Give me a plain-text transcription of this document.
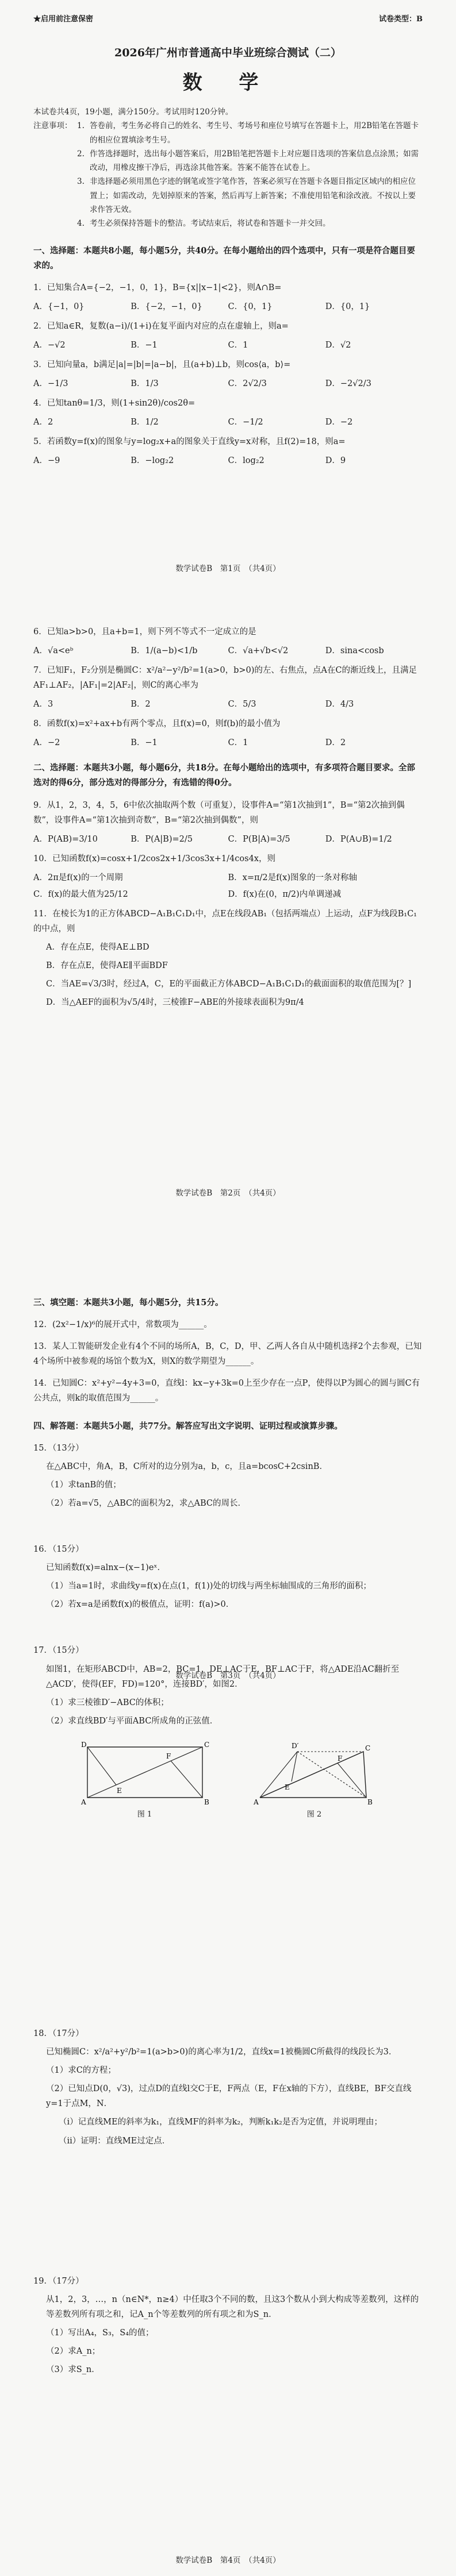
★启用前注意保密	试卷类型：B
2026年广州市普通高中毕业班综合测试（二）
数 学
本试卷共4页，19小题，满分150分。考试用时120分钟。
注意事项： 1. 答卷前，考生务必将自己的姓名、考生号、考场号和座位号填写在答题卡上，用2B铅笔在答题卡的相应位置填涂考生号。
2. 作答选择题时，选出每小题答案后，用2B铅笔把答题卡上对应题目选项的答案信息点涂黑；如需改动，用橡皮擦干净后，再选涂其他答案。答案不能答在试卷上。
3. 非选择题必须用黑色字迹的钢笔或签字笔作答，答案必须写在答题卡各题目指定区域内的相应位置上；如需改动，先划掉原来的答案，然后再写上新答案；不准使用铅笔和涂改液。不按以上要求作答无效。
4. 考生必须保持答题卡的整洁。考试结束后，将试卷和答题卡一并交回。
一、选择题：本题共8小题，每小题5分，共40分。在每小题给出的四个选项中，只有一项是符合题目要求的。
1．已知集合A={−2，−1，0，1}，B={x||x−1|<2}，则A∩B=
A．{−1，0}	B．{−2，−1，0}	C．{0，1}	D．{0，1}
2．已知a∈R，复数(a−i)/(1+i)在复平面内对应的点在虚轴上，则a=
A．−√2	B．−1	C．1	D．√2
3．已知向量a，b满足|a|=|b|=|a−b|，且(a+b)⊥b，则cos⟨a，b⟩=
A．−1/3	B．1/3	C．2√2/3	D．−2√2/3
4．已知tanθ=1/3，则(1+sin2θ)/cos2θ=
A．2	B．1/2	C．−1/2	D．−2
5．若函数y=f(x)的图象与y=log₂x+a的图象关于直线y=x对称，且f(2)=18，则a=
A．−9	B．−log₂2	C．log₂2	D．9
数学试卷B　第1页　（共4页）
6．已知a>b>0，且a+b=1，则下列不等式不一定成立的是
A．√a<eᵇ	B．1/(a−b)<1/b	C．√a+√b<√2	D．sina<cosb
7．已知F₁，F₂分别是椭圆C：x²/a²−y²/b²=1(a>0，b>0)的左、右焦点，点A在C的渐近线上，且满足AF₁⊥AF₂，|AF₁|=2|AF₂|，则C的离心率为
A．3	B．2	C．5/3	D．4/3
8．函数f(x)=x²+ax+b有两个零点，且f(x)=0，则f(b)的最小值为
A．−2	B．−1	C．1	D．2
二、选择题：本题共3小题，每小题6分，共18分。在每小题给出的选项中，有多项符合题目要求。全部选对的得6分，部分选对的得部分分，有选错的得0分。
9．从1，2，3，4，5，6中依次抽取两个数（可重复），设事件A=“第1次抽到1”，B=“第2次抽到偶数”，设事件A=“第1次抽到奇数”，B=“第2次抽到偶数”，则
A．P(AB)=3/10	B．P(A|B)=2/5	C．P(B|A)=3/5	D．P(A∪B)=1/2
10．已知函数f(x)=cosx+1/2cos2x+1/3cos3x+1/4cos4x，则
A．2π是f(x)的一个周期	B．x=π/2是f(x)图象的一条对称轴
C．f(x)的最大值为25/12	D．f(x)在(0，π/2)内单调递减
11．在棱长为1的正方体ABCD−A₁B₁C₁D₁中，点E在线段AB₁（包括两端点）上运动，点F为线段B₁C₁的中点，则
A．存在点E，使得AE⊥BD
B．存在点E，使得AE∥平面BDF
C．当AE=√3/3时，经过A，C，E的平面截正方体ABCD−A₁B₁C₁D₁的截面面积的取值范围为[？]
D．当△AEF的面积为√5/4时，三棱锥F−ABE的外接球表面积为9π/4
数学试卷B　第2页　（共4页）
三、填空题：本题共3小题，每小题5分，共15分。
12．(2x²−1/x)⁶的展开式中，常数项为______。
13．某人工智能研发企业有4个不同的场所A，B，C，D，甲、乙两人各自从中随机选择2个去参观，已知4个场所中被参观的场馆个数为X，则X的数学期望为______。
14．已知圆C：x²+y²−4y+3=0，直线l：kx−y+3k=0上至少存在一点P，使得以P为圆心的圆与圆C有公共点，则k的取值范围为______。
四、解答题：本题共5小题，共77分。解答应写出文字说明、证明过程或演算步骤。
15．（13分）
在△ABC中，角A，B，C所对的边分别为a，b，c，且a=bcosC+2csinB．
（1）求tanB的值；
（2）若a=√5，△ABC的面积为2，求△ABC的周长．
16．（15分）
已知函数f(x)=alnx−(x−1)eˣ．
（1）当a=1时，求曲线y=f(x)在点(1，f(1))处的切线与两坐标轴围成的三角形的面积；
（2）若x=a是函数f(x)的极值点，证明：f(a)>0．
17．（15分）
如图1，在矩形ABCD中，AB=2，BC=1，DE⊥AC于E，BF⊥AC于F，将△ADE沿AC翻折至△ACD′，使得(EF，FD)=120°，连接BD′，如图2．
（1）求三棱锥D′−ABC的体积；
（2）求直线BD′与平面ABC所成角的正弦值．
A	B
C
D
E
F
图 1
A	B
C
D′
E
F
图 2
数学试卷B　第3页　（共4页）
18．（17分）
已知椭圆C：x²/a²+y²/b²=1(a>b>0)的离心率为1/2，直线x=1被椭圆C所截得的线段长为3．
（1）求C的方程；
（2）已知点D(0，√3)，过点D的直线l交C于E，F两点（E，F在x轴的下方），直线BE，BF交直线y=1于点M，N．
（i）记直线ME的斜率为k₁，直线MF的斜率为k₂，判断k₁k₂是否为定值，并说明理由；
（ii）证明：直线ME过定点．
19．（17分）
从1，2，3，…，n（n∈N*，n≥4）中任取3个不同的数，且这3个数从小到大构成等差数列，这样的等差数列所有项之和，记A_n个等差数列的所有项之和为S_n．
（1）写出A₄，S₃，S₄的值；
（2）求A_n；
（3）求S_n．
数学试卷B　第4页　（共4页）
